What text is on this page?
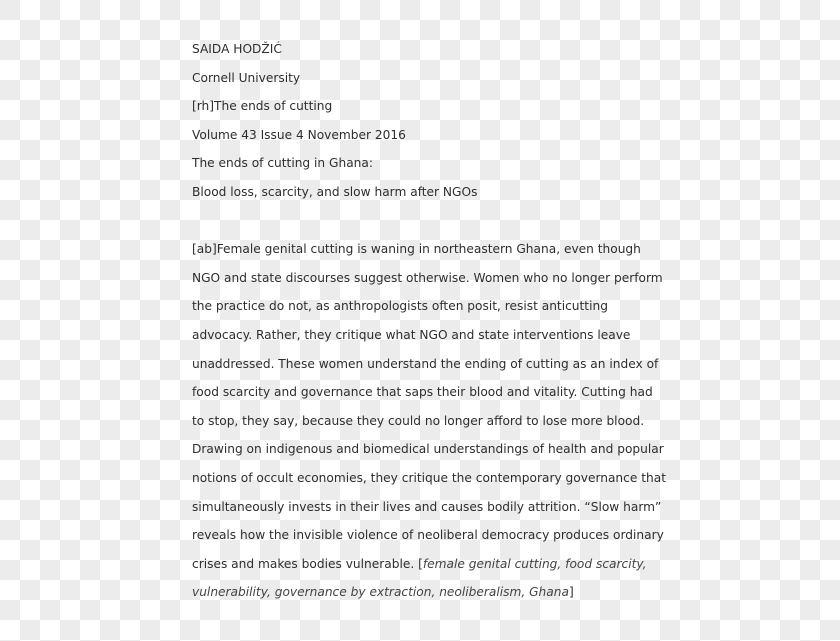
SAIDA HODŽIĆ
Cornell University
[rh]The ends of cutting
Volume 43 Issue 4 November 2016
The ends of cutting in Ghana:
Blood loss, scarcity, and slow harm after NGOs
[ab]Female genital cutting is waning in northeastern Ghana, even though
NGO and state discourses suggest otherwise. Women who no longer perform
the practice do not, as anthropologists often posit, resist anticutting
advocacy. Rather, they critique what NGO and state interventions leave
unaddressed. These women understand the ending of cutting as an index of
food scarcity and governance that saps their blood and vitality. Cutting had
to stop, they say, because they could no longer afford to lose more blood.
Drawing on indigenous and biomedical understandings of health and popular
notions of occult economies, they critique the contemporary governance that
simultaneously invests in their lives and causes bodily attrition. “Slow harm”
reveals how the invisible violence of neoliberal democracy produces ordinary
crises and makes bodies vulnerable. [female genital cutting, food scarcity,
vulnerability, governance by extraction, neoliberalism, Ghana]
